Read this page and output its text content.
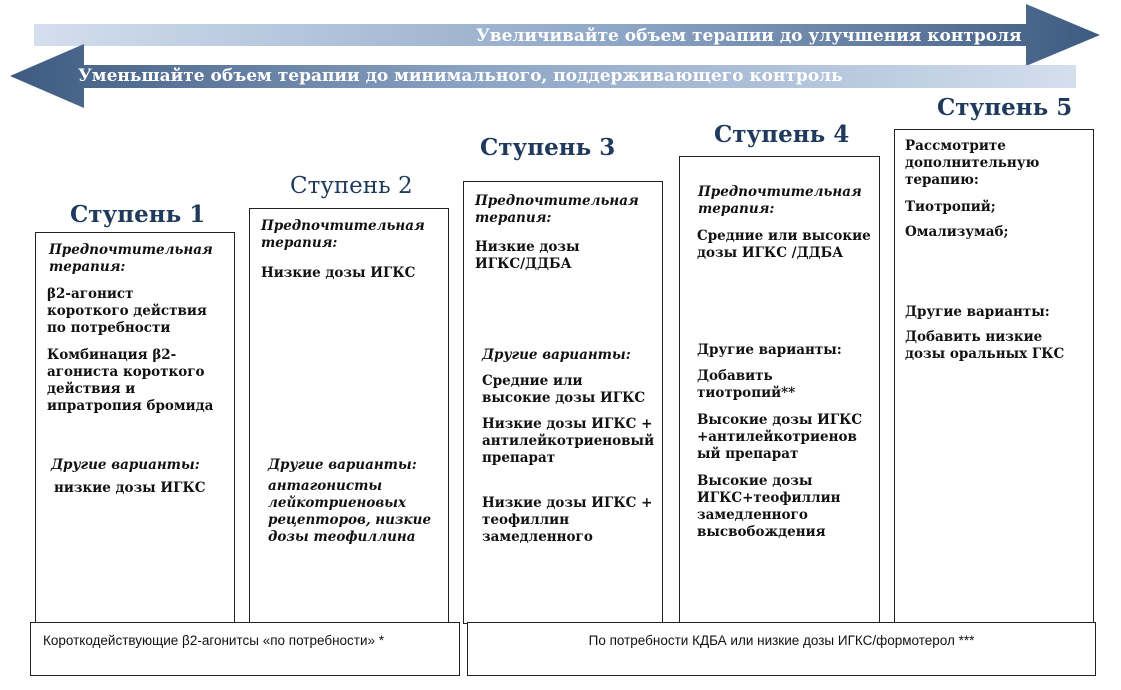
Увеличивайте объем терапии до улучшения контроля
Уменьшайте объем терапии до минимального, поддерживающего контроль
Ступень 1
Ступень 2
Ступень 3	Ступень 4
Ступень 5
Предпочтительная терапия:
β2-агонист короткого действия по потребности
Комбинация β2-агониста короткого действия и ипратропия бромида
Другие варианты:
низкие дозы ИГКС
Предпочтительная терапия:
Низкие дозы ИГКС
Другие варианты:
антагонисты лейкотриеновых рецепторов, низкие дозы теофиллина
Предпочтительная терапия:
Низкие дозы ИГКС/ДДБА
Другие варианты:
Средние или высокие дозы ИГКС
Низкие дозы ИГКС + антилейкотриеновый препарат
Низкие дозы ИГКС + теофиллин замедленного
Предпочтительная терапия:
Средние или высокие дозы ИГКС /ДДБА
Другие варианты:
Добавить тиотропий**
Высокие дозы ИГКС+антилейкотриеновый препарат
Высокие дозы ИГКС+теофиллин замедленного высвобождения
Рассмотрите дополнительную терапию:
Тиотропий;
Омализумаб;
Другие варианты:
Добавить низкие дозы оральных ГКС
Короткодействующие β2-агонитсы «по потребности» *	По потребности КДБА или низкие дозы ИГКС/формотерол ***
